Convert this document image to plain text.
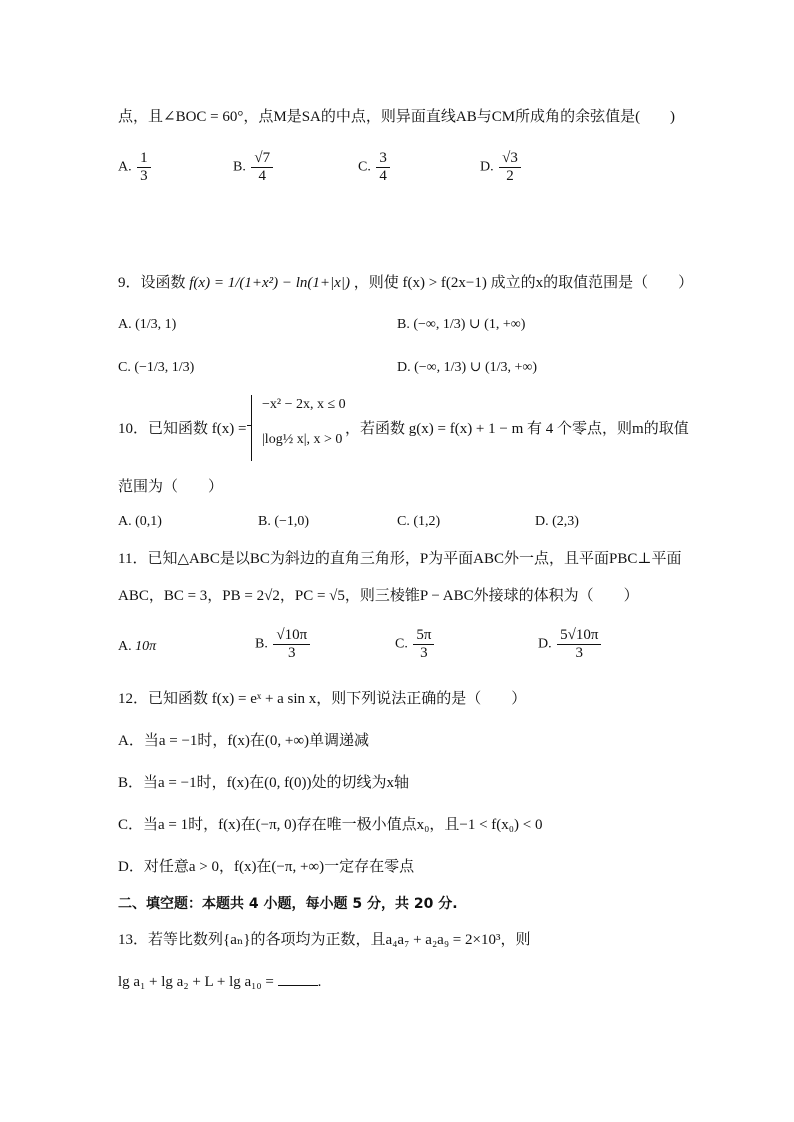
点，且∠BOC = 60°，点M是SA的中点，则异面直线AB与CM所成角的余弦值是(　　)
A. $\frac{1}{3}$	B. $\frac{√7}{4}$	C. $\frac{3}{4}$	D. $\frac{√3}{2}$
9．设函数 f(x) = 1/(1+x²) − ln(1+|x|) ，则使 f(x) > f(2x−1) 成立的x的取值范围是（　　）
A. (1/3, 1)	B. (−∞, 1/3) ∪ (1, +∞)
C. (−1/3, 1/3)	D. (−∞, 1/3) ∪ (1/3, +∞)
10．已知函数 f(x) =
−x² − 2x, x ≤ 0
|log½ x|, x > 0
，若函数 g(x) = f(x) + 1 − m 有 4 个零点，则m的取值
范围为（　　）
A. (0,1)	B. (−1,0)	C. (1,2)	D. (2,3)
11．已知△ABC是以BC为斜边的直角三角形，P为平面ABC外一点，且平面PBC⊥平面
ABC，BC = 3，PB = 2√2，PC = √5，则三棱锥P − ABC外接球的体积为（　　）
A. 10π	B. $\frac{√10\pi}{3}$	C. $\frac{5\pi}{3}$	D. $\frac{5√10\pi}{3}$
12．已知函数 f(x) = eˣ + a sin x，则下列说法正确的是（　　）
A．当a = −1时，f(x)在(0, +∞)单调递减
B．当a = −1时，f(x)在(0, f(0))处的切线为x轴
C．当a = 1时，f(x)在(−π, 0)存在唯一极小值点x₀，且−1 < f(x₀) < 0
D．对任意a > 0，f(x)在(−π, +∞)一定存在零点
二、填空题：本题共 4 小题，每小题 5 分，共 20 分.
13．若等比数列{aₙ}的各项均为正数，且a₄a₇ + a₂a₉ = 2×10³，则
lg a₁ + lg a₂ + L + lg a₁₀ =	.
